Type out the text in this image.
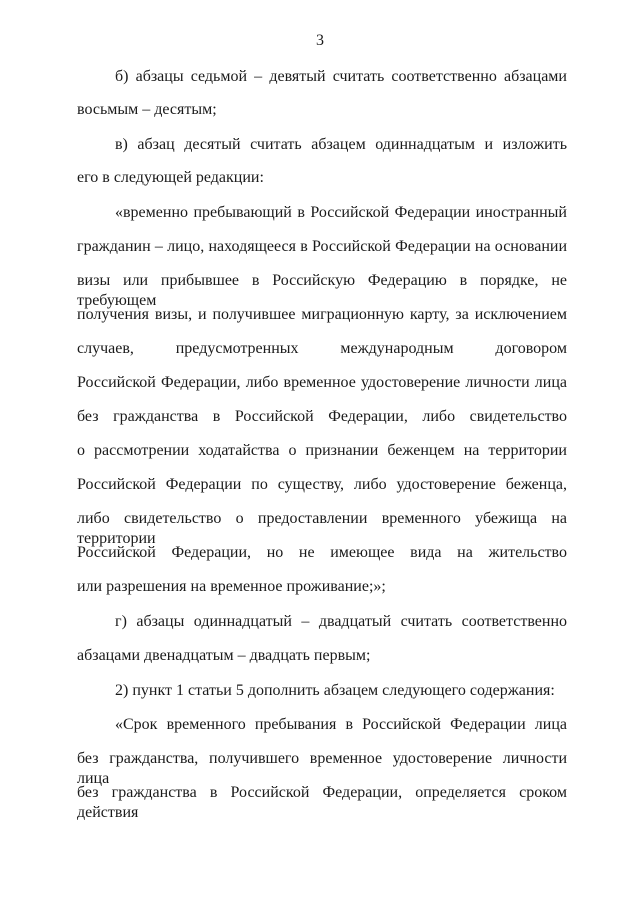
3
б) абзацы седьмой – девятый считать соответственно абзацами
восьмым – десятым;
в) абзац десятый считать абзацем одиннадцатым и изложить
его в следующей редакции:
«временно пребывающий в Российской Федерации иностранный
гражданин – лицо, находящееся в Российской Федерации на основании
визы или прибывшее в Российскую Федерацию в порядке, не требующем
получения визы, и получившее миграционную карту, за исключением
случаев, предусмотренных международным договором
Российской Федерации, либо временное удостоверение личности лица
без гражданства в Российской Федерации, либо свидетельство
о рассмотрении ходатайства о признании беженцем на территории
Российской Федерации по существу, либо удостоверение беженца,
либо свидетельство о предоставлении временного убежища на территории
Российской Федерации, но не имеющее вида на жительство
или разрешения на временное проживание;»;
г) абзацы одиннадцатый – двадцатый считать соответственно
абзацами двенадцатым – двадцать первым;
2) пункт 1 статьи 5 дополнить абзацем следующего содержания:
«Срок временного пребывания в Российской Федерации лица
без гражданства, получившего временное удостоверение личности лица
без гражданства в Российской Федерации, определяется сроком действия
